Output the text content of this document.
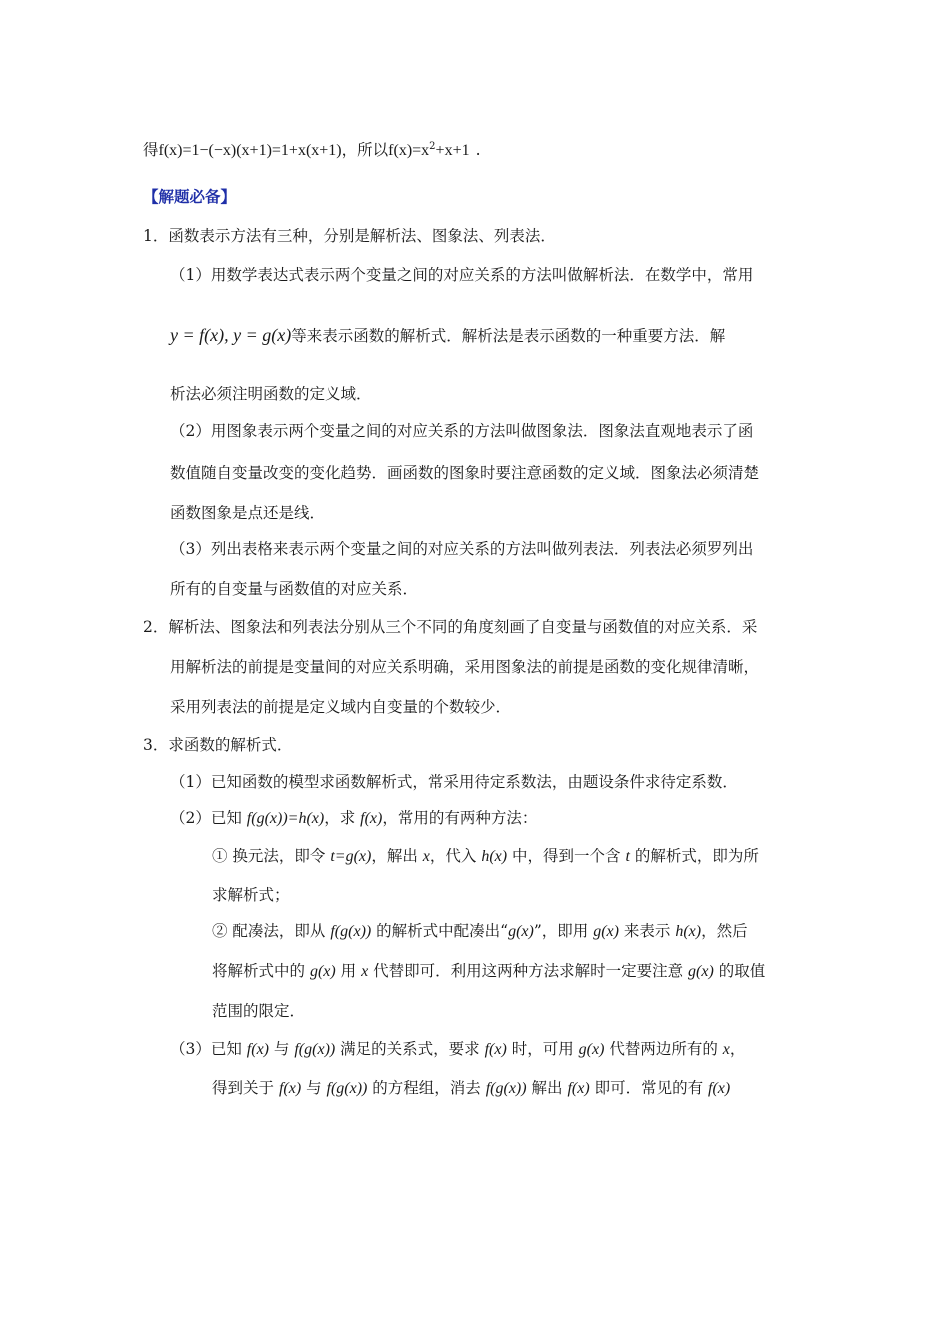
得f(x)=1−(−x)(x+1)=1+x(x+1)，所以$f(x)=x^2+x+1$ .
【解题必备】
1．函数表示方法有三种，分别是解析法、图象法、列表法．
（1）用数学表达式表示两个变量之间的对应关系的方法叫做解析法．在数学中，常用
y = f(x), y = g(x)等来表示函数的解析式．解析法是表示函数的一种重要方法．解
析法必须注明函数的定义域．
（2）用图象表示两个变量之间的对应关系的方法叫做图象法．图象法直观地表示了函
数值随自变量改变的变化趋势．画函数的图象时要注意函数的定义域．图象法必须清楚
函数图象是点还是线．
（3）列出表格来表示两个变量之间的对应关系的方法叫做列表法．列表法必须罗列出
所有的自变量与函数值的对应关系．
2．解析法、图象法和列表法分别从三个不同的角度刻画了自变量与函数值的对应关系．采
用解析法的前提是变量间的对应关系明确，采用图象法的前提是函数的变化规律清晰，
采用列表法的前提是定义域内自变量的个数较少．
3．求函数的解析式．
（1）已知函数的模型求函数解析式，常采用待定系数法，由题设条件求待定系数．
（2）已知 f(g(x))=h(x)，求 f(x)，常用的有两种方法：
① 换元法，即令 t=g(x)，解出 x，代入 h(x) 中，得到一个含 t 的解析式，即为所
求解析式；
② 配凑法，即从 f(g(x)) 的解析式中配凑出“g(x)”，即用 g(x) 来表示 h(x)，然后
将解析式中的 g(x) 用 x 代替即可．利用这两种方法求解时一定要注意 g(x) 的取值
范围的限定．
（3）已知 f(x) 与 f(g(x)) 满足的关系式，要求 f(x) 时，可用 g(x) 代替两边所有的 x，
得到关于 f(x) 与 f(g(x)) 的方程组，消去 f(g(x)) 解出 f(x) 即可．常见的有 f(x)
